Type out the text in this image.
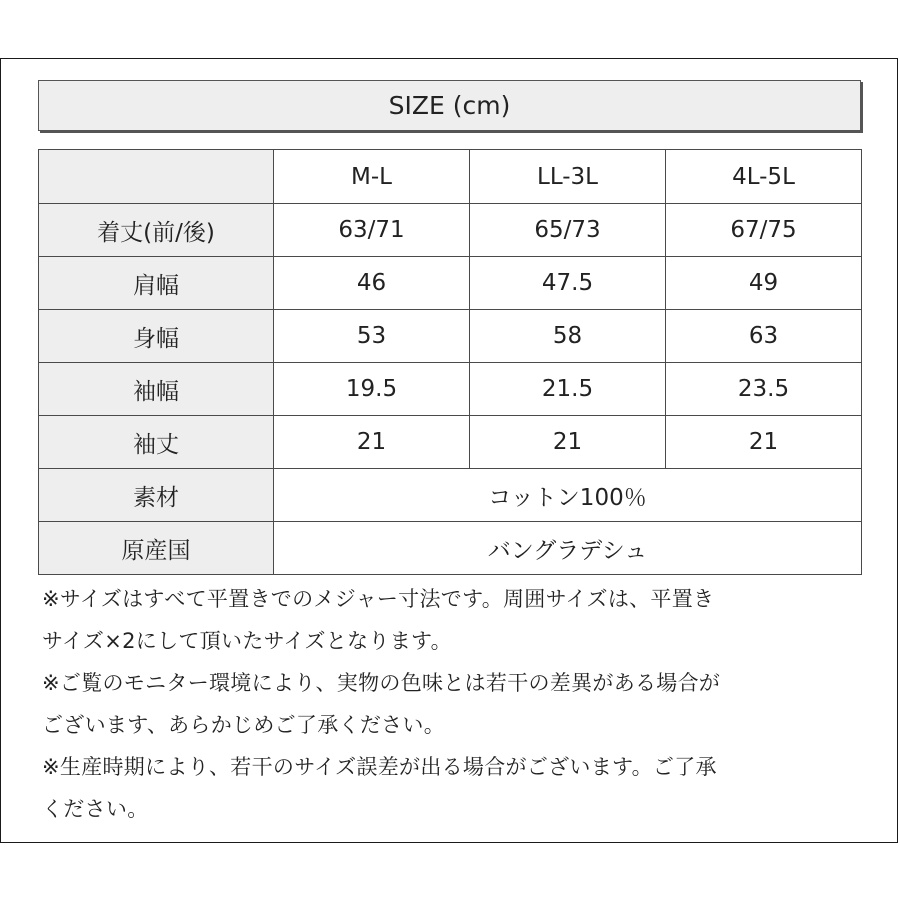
SIZE (cm)
	M-L	LL-3L	4L-5L
着丈(前/後)	63/71	65/73	67/75
肩幅	46	47.5	49
身幅	53	58	63
袖幅	19.5	21.5	23.5
袖丈	21	21	21
素材	コットン100％		
原産国	バングラデシュ		

※サイズはすべて平置きでのメジャー寸法です。周囲サイズは、平置き

サイズ×2にして頂いたサイズとなります。

※ご覧のモニター環境により、実物の色味とは若干の差異がある場合が

ございます、あらかじめご了承ください。

※生産時期により、若干のサイズ誤差が出る場合がございます。ご了承

ください。
